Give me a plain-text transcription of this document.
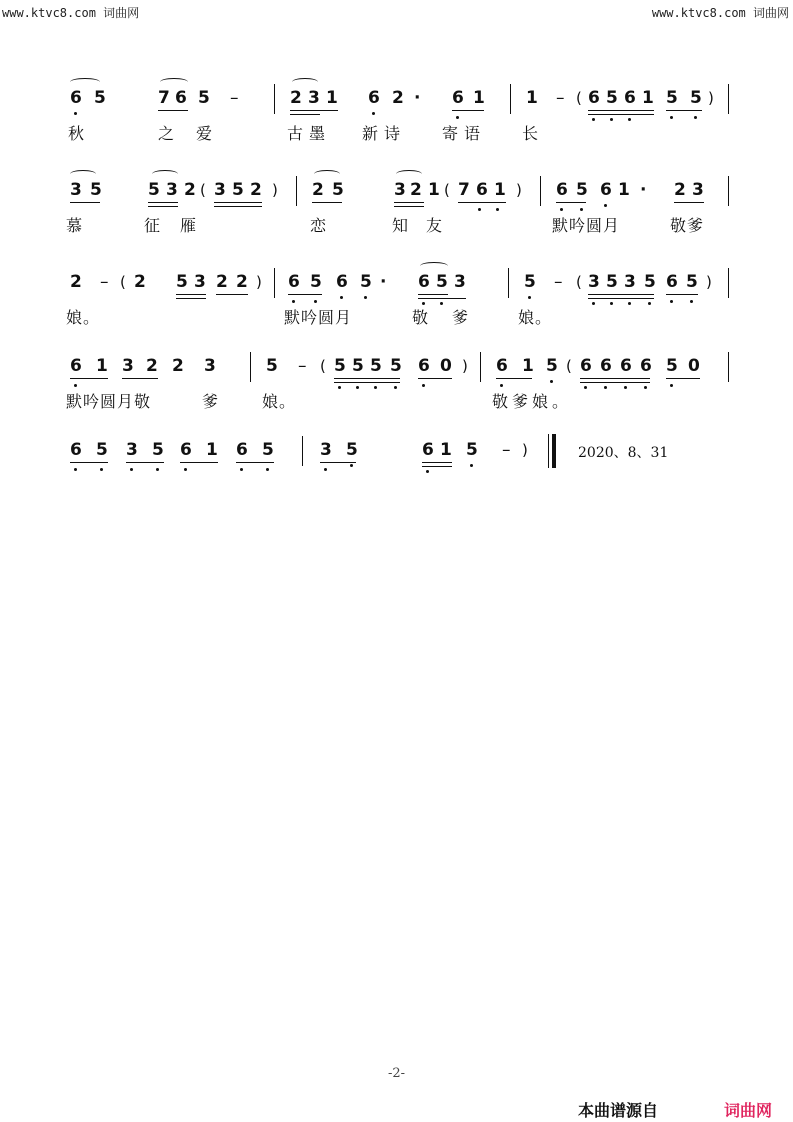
www.ktvc8.com 词曲网	www.ktvc8.com 词曲网
6 5	7 6 5 –	2 3 1 6 2 · 6 1 1 – ( 6 5 6 1 5 5 )
秋	之爱	古墨 新诗 寄语 长
3 5	5 3 2 ( 3 5 2 ) 2 5	3 2 1 ( 7 6 1 ) 6 5 6 1 · 2 3
慕	征 雁	恋	知 友	默吟圆月	敬爹
2 – ( 2 5 3 2 2 ) 6 5 6 5 · 6 5 3	5 – ( 3 5 3 5 6 5 )
娘。	默吟圆月	敬 爹	娘。
6 1 3 2 2 3	5 – ( 5 5 5 5 6 0 ) 6 1 5 ( 6 6 6 6 5 0
默吟圆月敬	爹	娘。	敬爹娘。
6 5 3 5 6 1 6 5	3 5	6 1 5 – )	2020、8、31
-2-
本曲谱源自	词曲网
